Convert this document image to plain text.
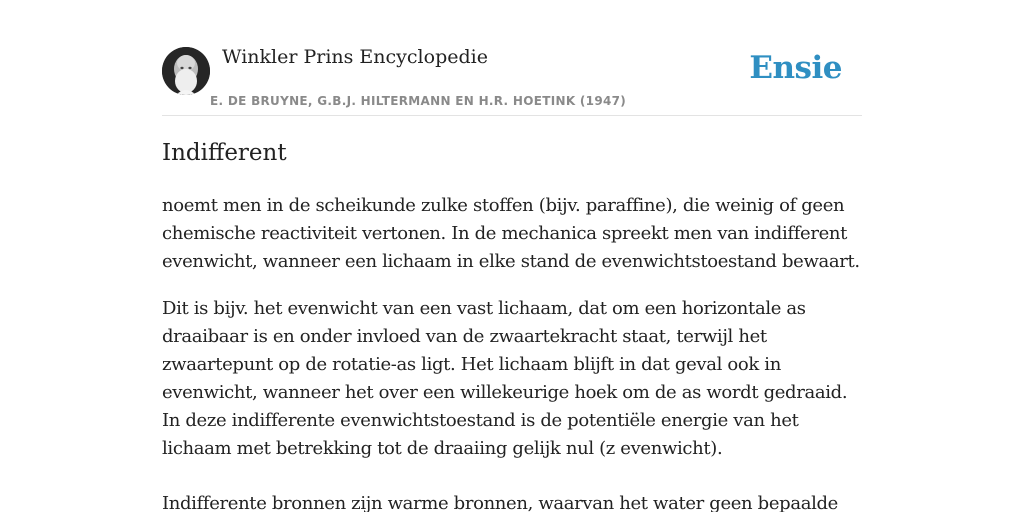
Winkler Prins Encyclopedie
E. DE BRUYNE, G.B.J. HILTERMANN EN H.R. HOETINK (1947)
Ensie
Indifferent

noemt men in de scheikunde zulke stoffen (bijv. paraffine), die weinig of geen chemische reactiviteit vertonen. In de mechanica spreekt men van indifferent evenwicht, wanneer een lichaam in elke stand de evenwichtstoestand bewaart.

Dit is bijv. het evenwicht van een vast lichaam, dat om een horizontale as draaibaar is en onder invloed van de zwaartekracht staat, terwijl het zwaartepunt op de rotatie-as ligt. Het lichaam blijft in dat geval ook in evenwicht, wanneer het over een willekeurige hoek om de as wordt gedraaid. In deze indifferente evenwichtstoestand is de potentiële energie van het lichaam met betrekking tot de draaiing gelijk nul (z evenwicht).

Indifferente bronnen zijn warme bronnen, waarvan het water geen bepaalde
